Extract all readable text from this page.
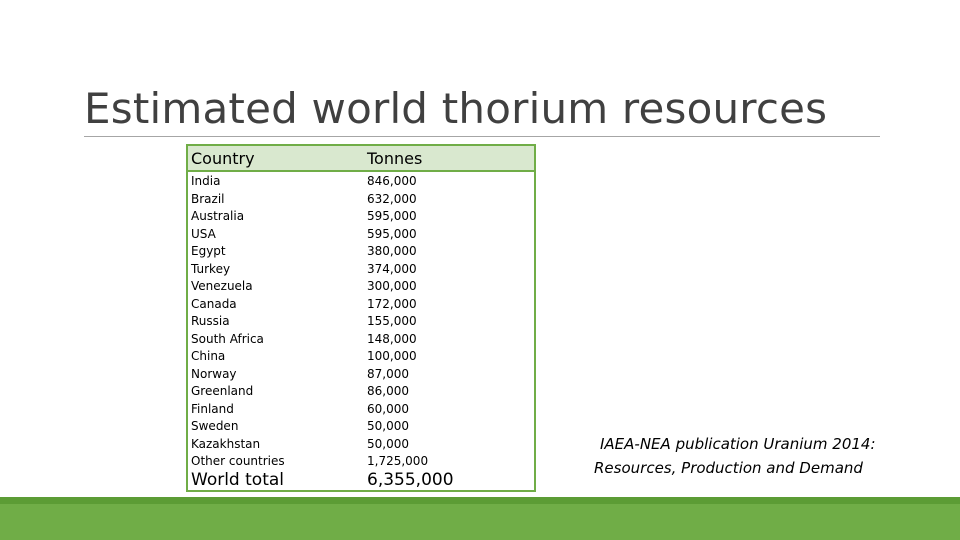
Estimated world thorium resources
Country	Tonnes
India	846,000
Brazil	632,000
Australia	595,000
USA	595,000
Egypt	380,000
Turkey	374,000
Venezuela	300,000
Canada	172,000
Russia	155,000
South Africa	148,000
China	100,000
Norway	87,000
Greenland	86,000
Finland	60,000
Sweden	50,000
Kazakhstan	50,000
Other countries	1,725,000
World total	6,355,000
IAEA-NEA publication Uranium 2014:
Resources, Production and Demand
